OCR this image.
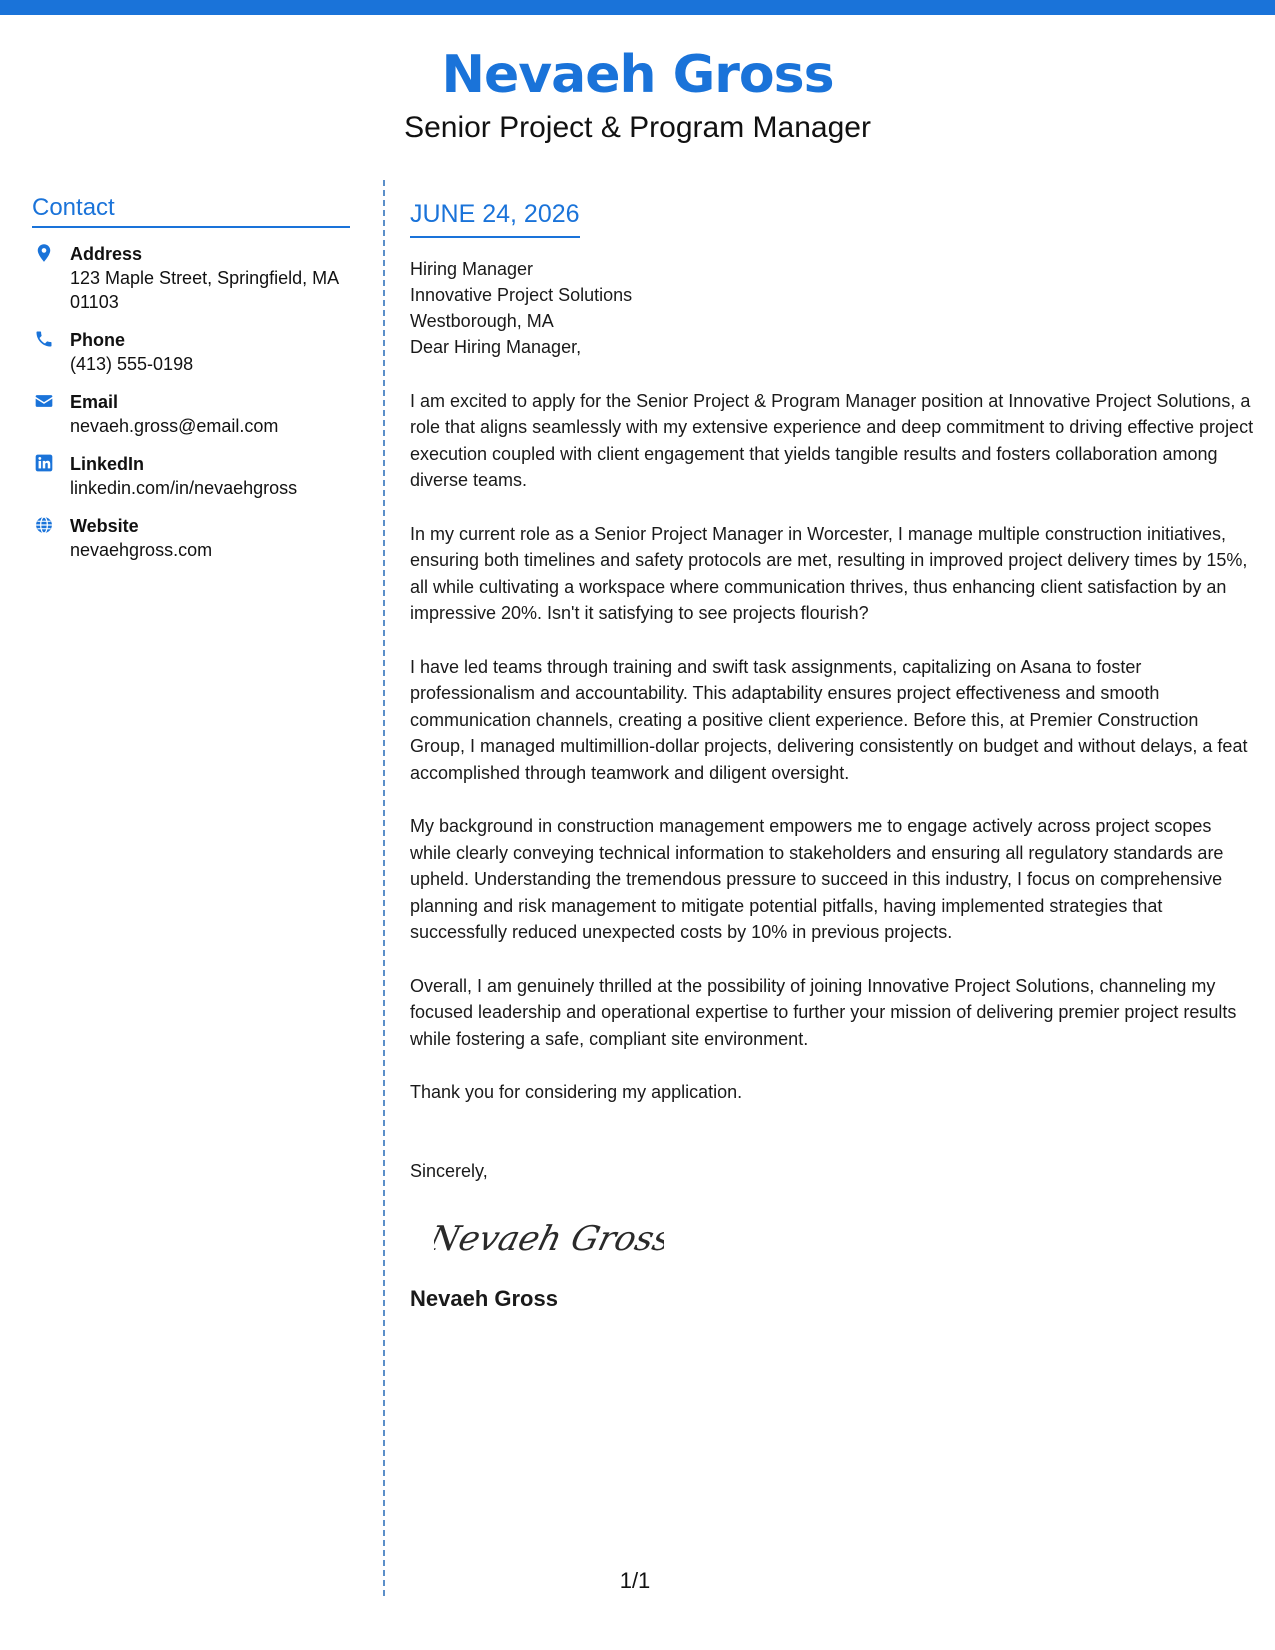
Nevaeh Gross
Senior Project & Program Manager
Contact
Address
123 Maple Street, Springfield, MA 01103
Phone
(413) 555-0198
Email
nevaeh.gross@email.com
LinkedIn
linkedin.com/in/nevaehgross
Website
nevaehgross.com
JUNE 24, 2026
Hiring Manager
Innovative Project Solutions
Westborough, MA

Dear Hiring Manager,

I am excited to apply for the Senior Project & Program Manager position at Innovative Project Solutions, a role that aligns seamlessly with my extensive experience and deep commitment to driving effective project execution coupled with client engagement that yields tangible results and fosters collaboration among diverse teams.

In my current role as a Senior Project Manager in Worcester, I manage multiple construction initiatives, ensuring both timelines and safety protocols are met, resulting in improved project delivery times by 15%, all while cultivating a workspace where communication thrives, thus enhancing client satisfaction by an impressive 20%. Isn't it satisfying to see projects flourish?

I have led teams through training and swift task assignments, capitalizing on Asana to foster professionalism and accountability. This adaptability ensures project effectiveness and smooth communication channels, creating a positive client experience. Before this, at Premier Construction Group, I managed multimillion-dollar projects, delivering consistently on budget and without delays, a feat accomplished through teamwork and diligent oversight.

My background in construction management empowers me to engage actively across project scopes while clearly conveying technical information to stakeholders and ensuring all regulatory standards are upheld. Understanding the tremendous pressure to succeed in this industry, I focus on comprehensive planning and risk management to mitigate potential pitfalls, having implemented strategies that successfully reduced unexpected costs by 10% in previous projects.

Overall, I am genuinely thrilled at the possibility of joining Innovative Project Solutions, channeling my focused leadership and operational expertise to further your mission of delivering premier project results while fostering a safe, compliant site environment.

Thank you for considering my application.

Sincerely,
Nevaeh Gross
Nevaeh Gross
1/1
